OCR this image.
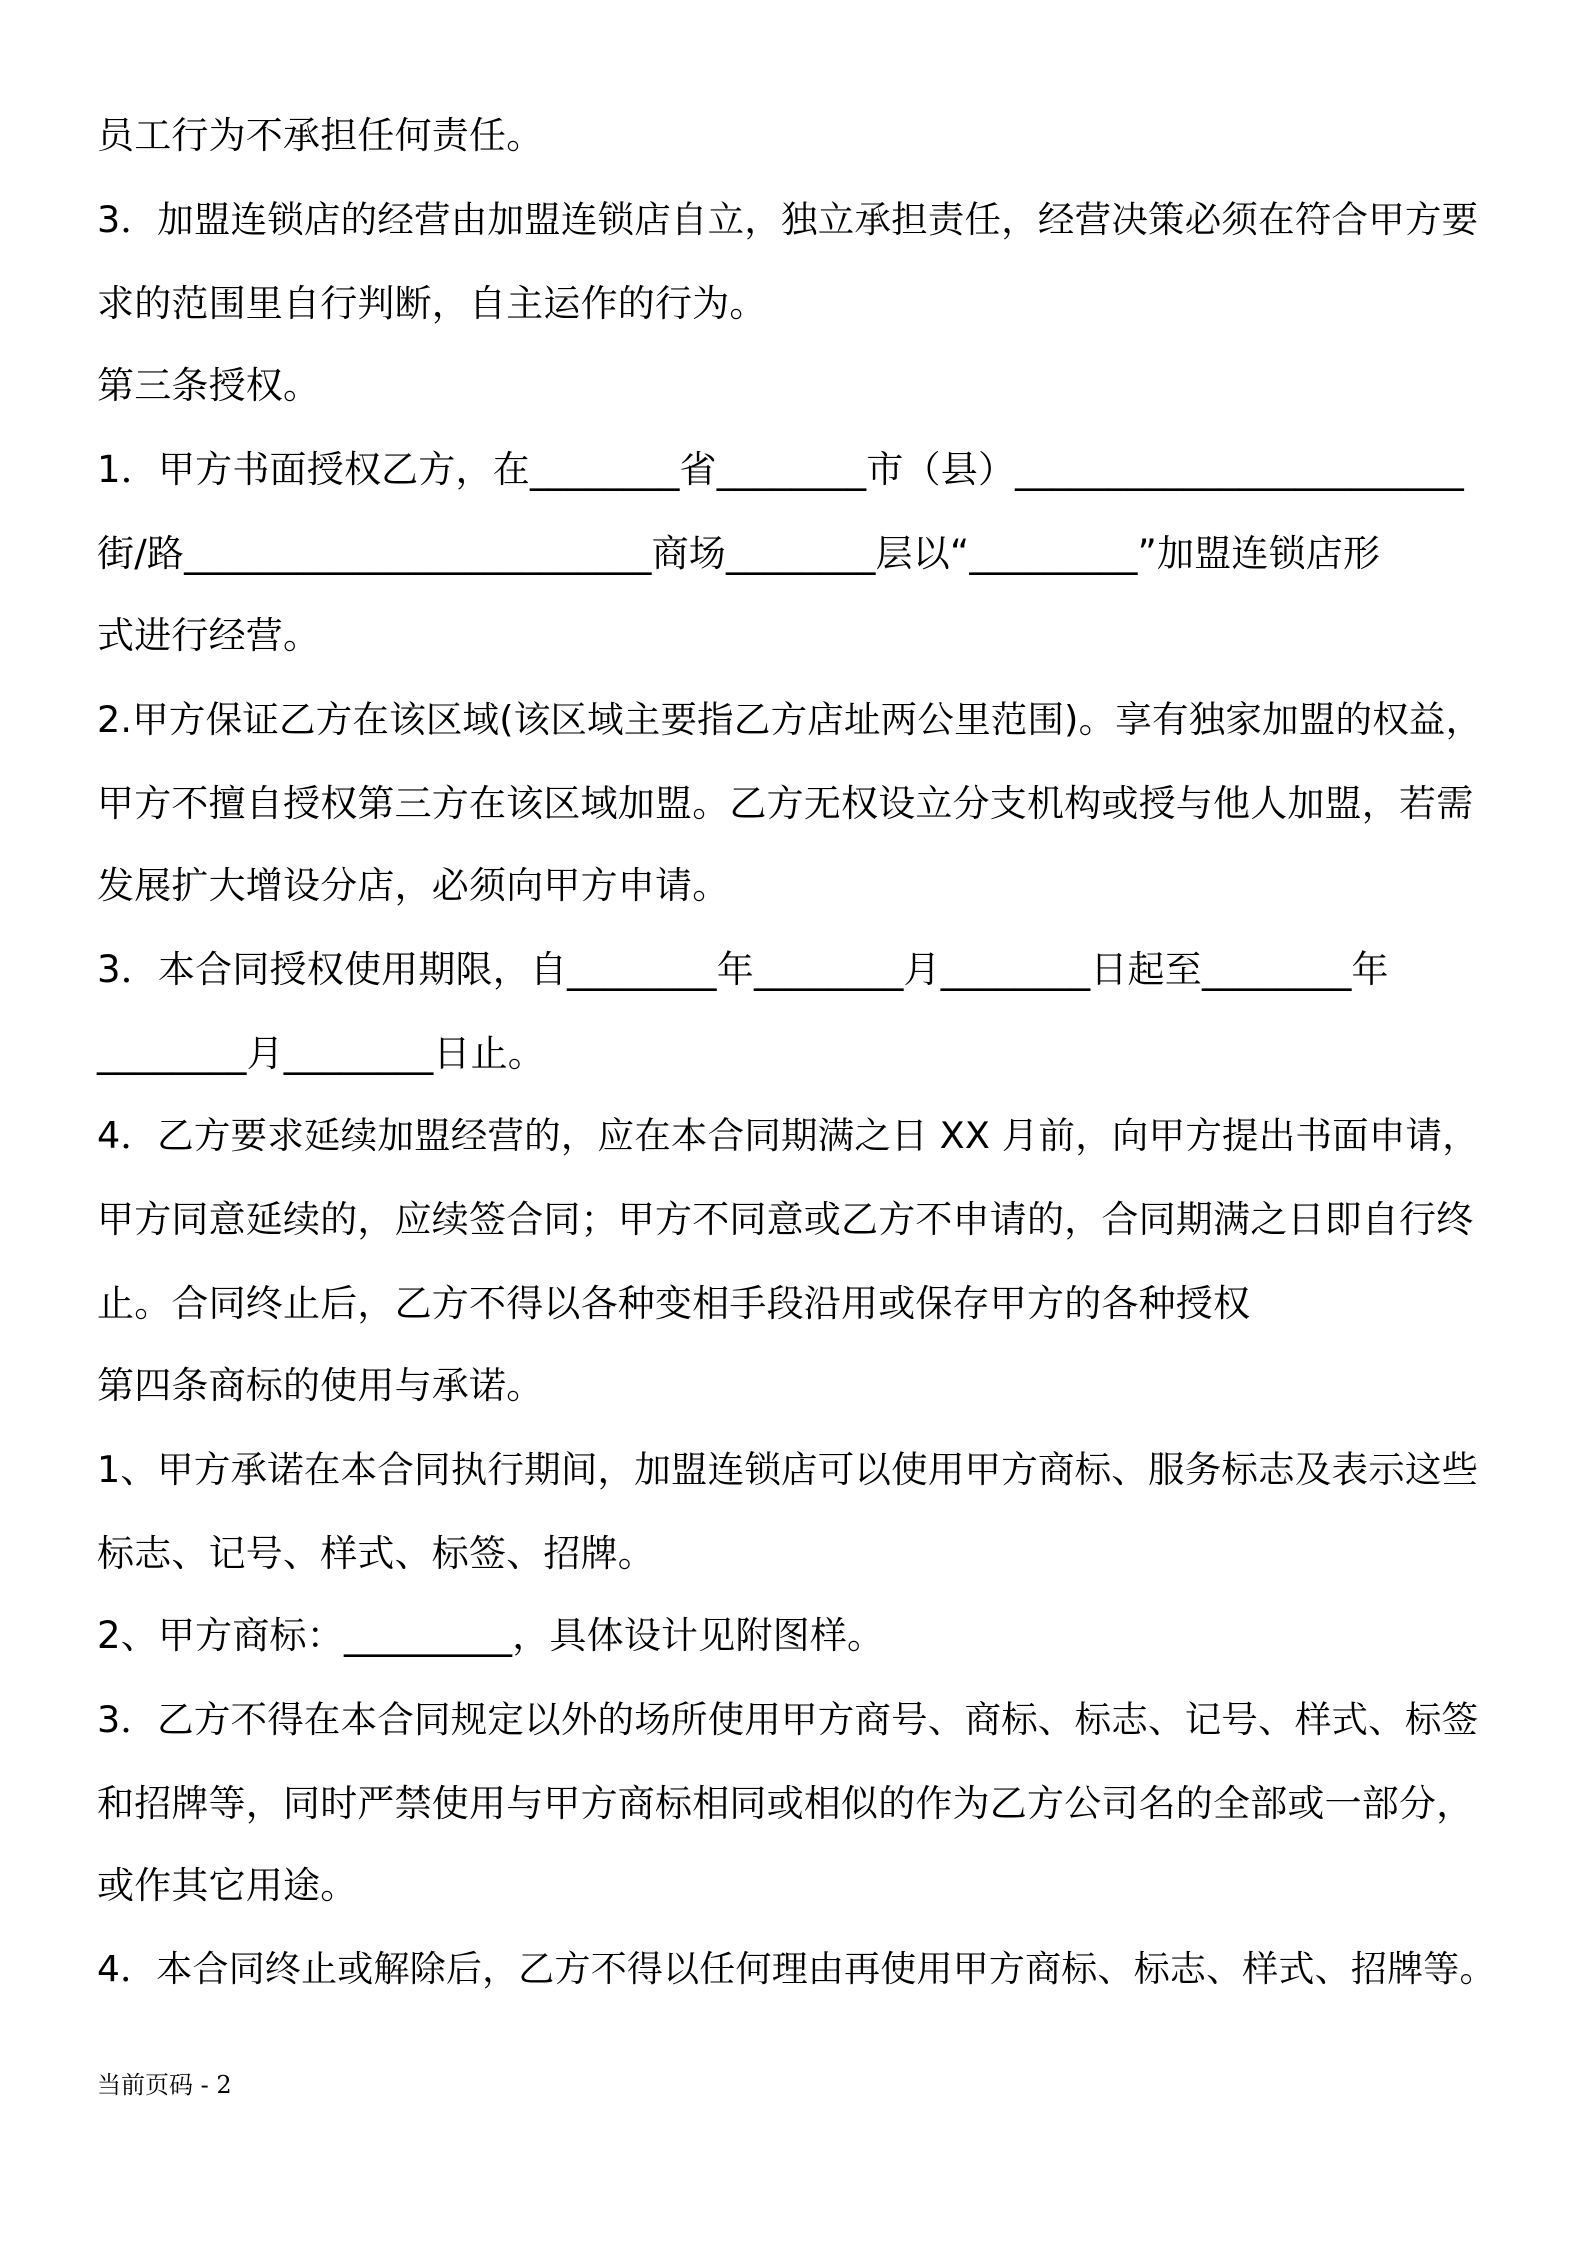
员工行为不承担任何责任。
3．加盟连锁店的经营由加盟连锁店自立，独立承担责任，经营决策必须在符合甲方要
求的范围里自行判断，自主运作的行为。
第三条授权。
1．甲方书面授权乙方，在________省________市（县）________________________
街/路_________________________商场________层以“_________”加盟连锁店形
式进行经营。
2.甲方保证乙方在该区域(该区域主要指乙方店址两公里范围)。享有独家加盟的权益，
甲方不擅自授权第三方在该区域加盟。乙方无权设立分支机构或授与他人加盟，若需
发展扩大增设分店，必须向甲方申请。
3．本合同授权使用期限，自________年________月________日起至________年
________月________日止。
4．乙方要求延续加盟经营的，应在本合同期满之日 XX 月前，向甲方提出书面申请，
甲方同意延续的，应续签合同；甲方不同意或乙方不申请的，合同期满之日即自行终
止。合同终止后，乙方不得以各种变相手段沿用或保存甲方的各种授权
第四条商标的使用与承诺。
1、甲方承诺在本合同执行期间，加盟连锁店可以使用甲方商标、服务标志及表示这些
标志、记号、样式、标签、招牌。
2、甲方商标：_________，具体设计见附图样。
3．乙方不得在本合同规定以外的场所使用甲方商号、商标、标志、记号、样式、标签
和招牌等，同时严禁使用与甲方商标相同或相似的作为乙方公司名的全部或一部分，
或作其它用途。
4．本合同终止或解除后，乙方不得以任何理由再使用甲方商标、标志、样式、招牌等。
当前页码 - 2
